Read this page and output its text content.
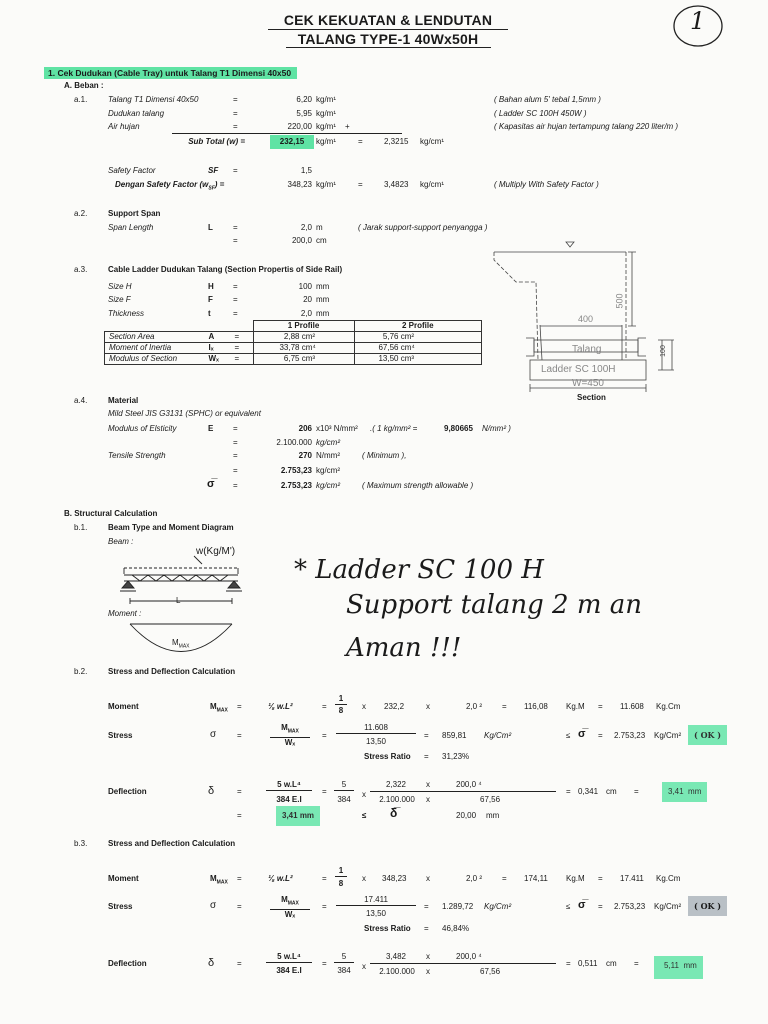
CEK KEKUATAN & LENDUTAN
TALANG TYPE-1 40Wx50H
1
1. Cek Dudukan (Cable Tray) untuk Talang T1 Dimensi 40x50
A. Beban :
a.1.	Talang T1 Dimensi 40x50	=	6,20 kg/m¹	( Bahan alum 5' tebal 1,5mm )
Dudukan talang	=	5,95 kg/m¹	( Ladder SC 100H 450W )
Air hujan	=	220,00 kg/m¹ +	( Kapasitas air hujan tertampung talang 220 liter/m )
Sub Total (w) =	232,15	kg/m¹	=	2,3215 kg/cm¹
Safety Factor	SF =	1,5
Dengan Safety Factor $(w_{SF})$ =	348,23 kg/m¹	=	3,4823 kg/cm¹	( Multiply With Safety Factor )
a.2.	Support Span
Span Length	L	=	2,0 m	( Jarak support-support penyangga )
=	200,0 cm
a.3.	Cable Ladder Dudukan Talang (Section Propertis of Side Rail)
Size H	H =	100 mm
Size F	F	=	20 mm
Thickness	t	=	2,0 mm
	1 Profile	2 Profile
Section Area A =	2,88 cm²	5,76 cm²
Moment of Inertia Iₓ =	33,78 cm⁴	67,56 cm⁴
Modulus of Section Wₓ =	6,75 cm³	13,50 cm³
400
500
100
Talang
Ladder SC 100H
W=450
Section
a.4.	Material
Mild Steel JIS G3131 (SPHC) or equivalent
Modulus of Elsticity	E =	206 x10³ N/mm² .( 1 kg/mm² =	9,80665 N/mm² )
=	2.100.000 kg/cm²
Tensile Strength	=	270 N/mm²	( Minimum ),
=	2.753,23 kg/cm²
σ̅ =	2.753,23 kg/cm²	( Maximum strength allowable )
B. Structural Calculation
b.1.	Beam Type and Moment Diagram
Beam :
w(Kg/M')
L
Moment :
$M_{MAX}$
* Ladder SC 100 H
Support talang 2 m an
Aman !!!
b.2.	Stress and Deflection Calculation
Moment	$M_{MAX}$ =	⅛ w.L²	=
1
8	x 232,2	x	2,0 ² = 116,08 Kg.M = 11.608 Kg.Cm
Stress	σ	=
$M_{MAX}$
Wₓ
=
11.608
13,50
= 859,81 Kg/Cm²	≤ σ̅ = 2.753,23 Kg/Cm²	( OK )
Stress Ratio = 31,23%
Deflection	δ	=
5 w.L⁴
384 E.I
=
5
384
x
2,322	x	200,0 ⁴
2.100.000	x	67,56
= 0,341 cm =	3,41 mm
=	3,41 mm	≤ δ̅	20,00 mm
b.3.	Stress and Deflection Calculation
Moment	$M_{MAX}$ =	⅛ w.L²	=
1
8
x 348,23 x	2,0 ² = 174,11 Kg.M = 17.411 Kg.Cm
Stress	σ	=
$M_{MAX}$
Wₓ
=
17.411
13,50
= 1.289,72 Kg/Cm²	≤ σ̅ = 2.753,23 Kg/Cm²	( OK )
Stress Ratio = 46,84%
Deflection	δ	=
5 w.L⁴
384 E.I
=
5
384	x
3,482	x	200,0 ⁴
2.100.000	x	67,56
= 0,511 cm =	5,11 mm
